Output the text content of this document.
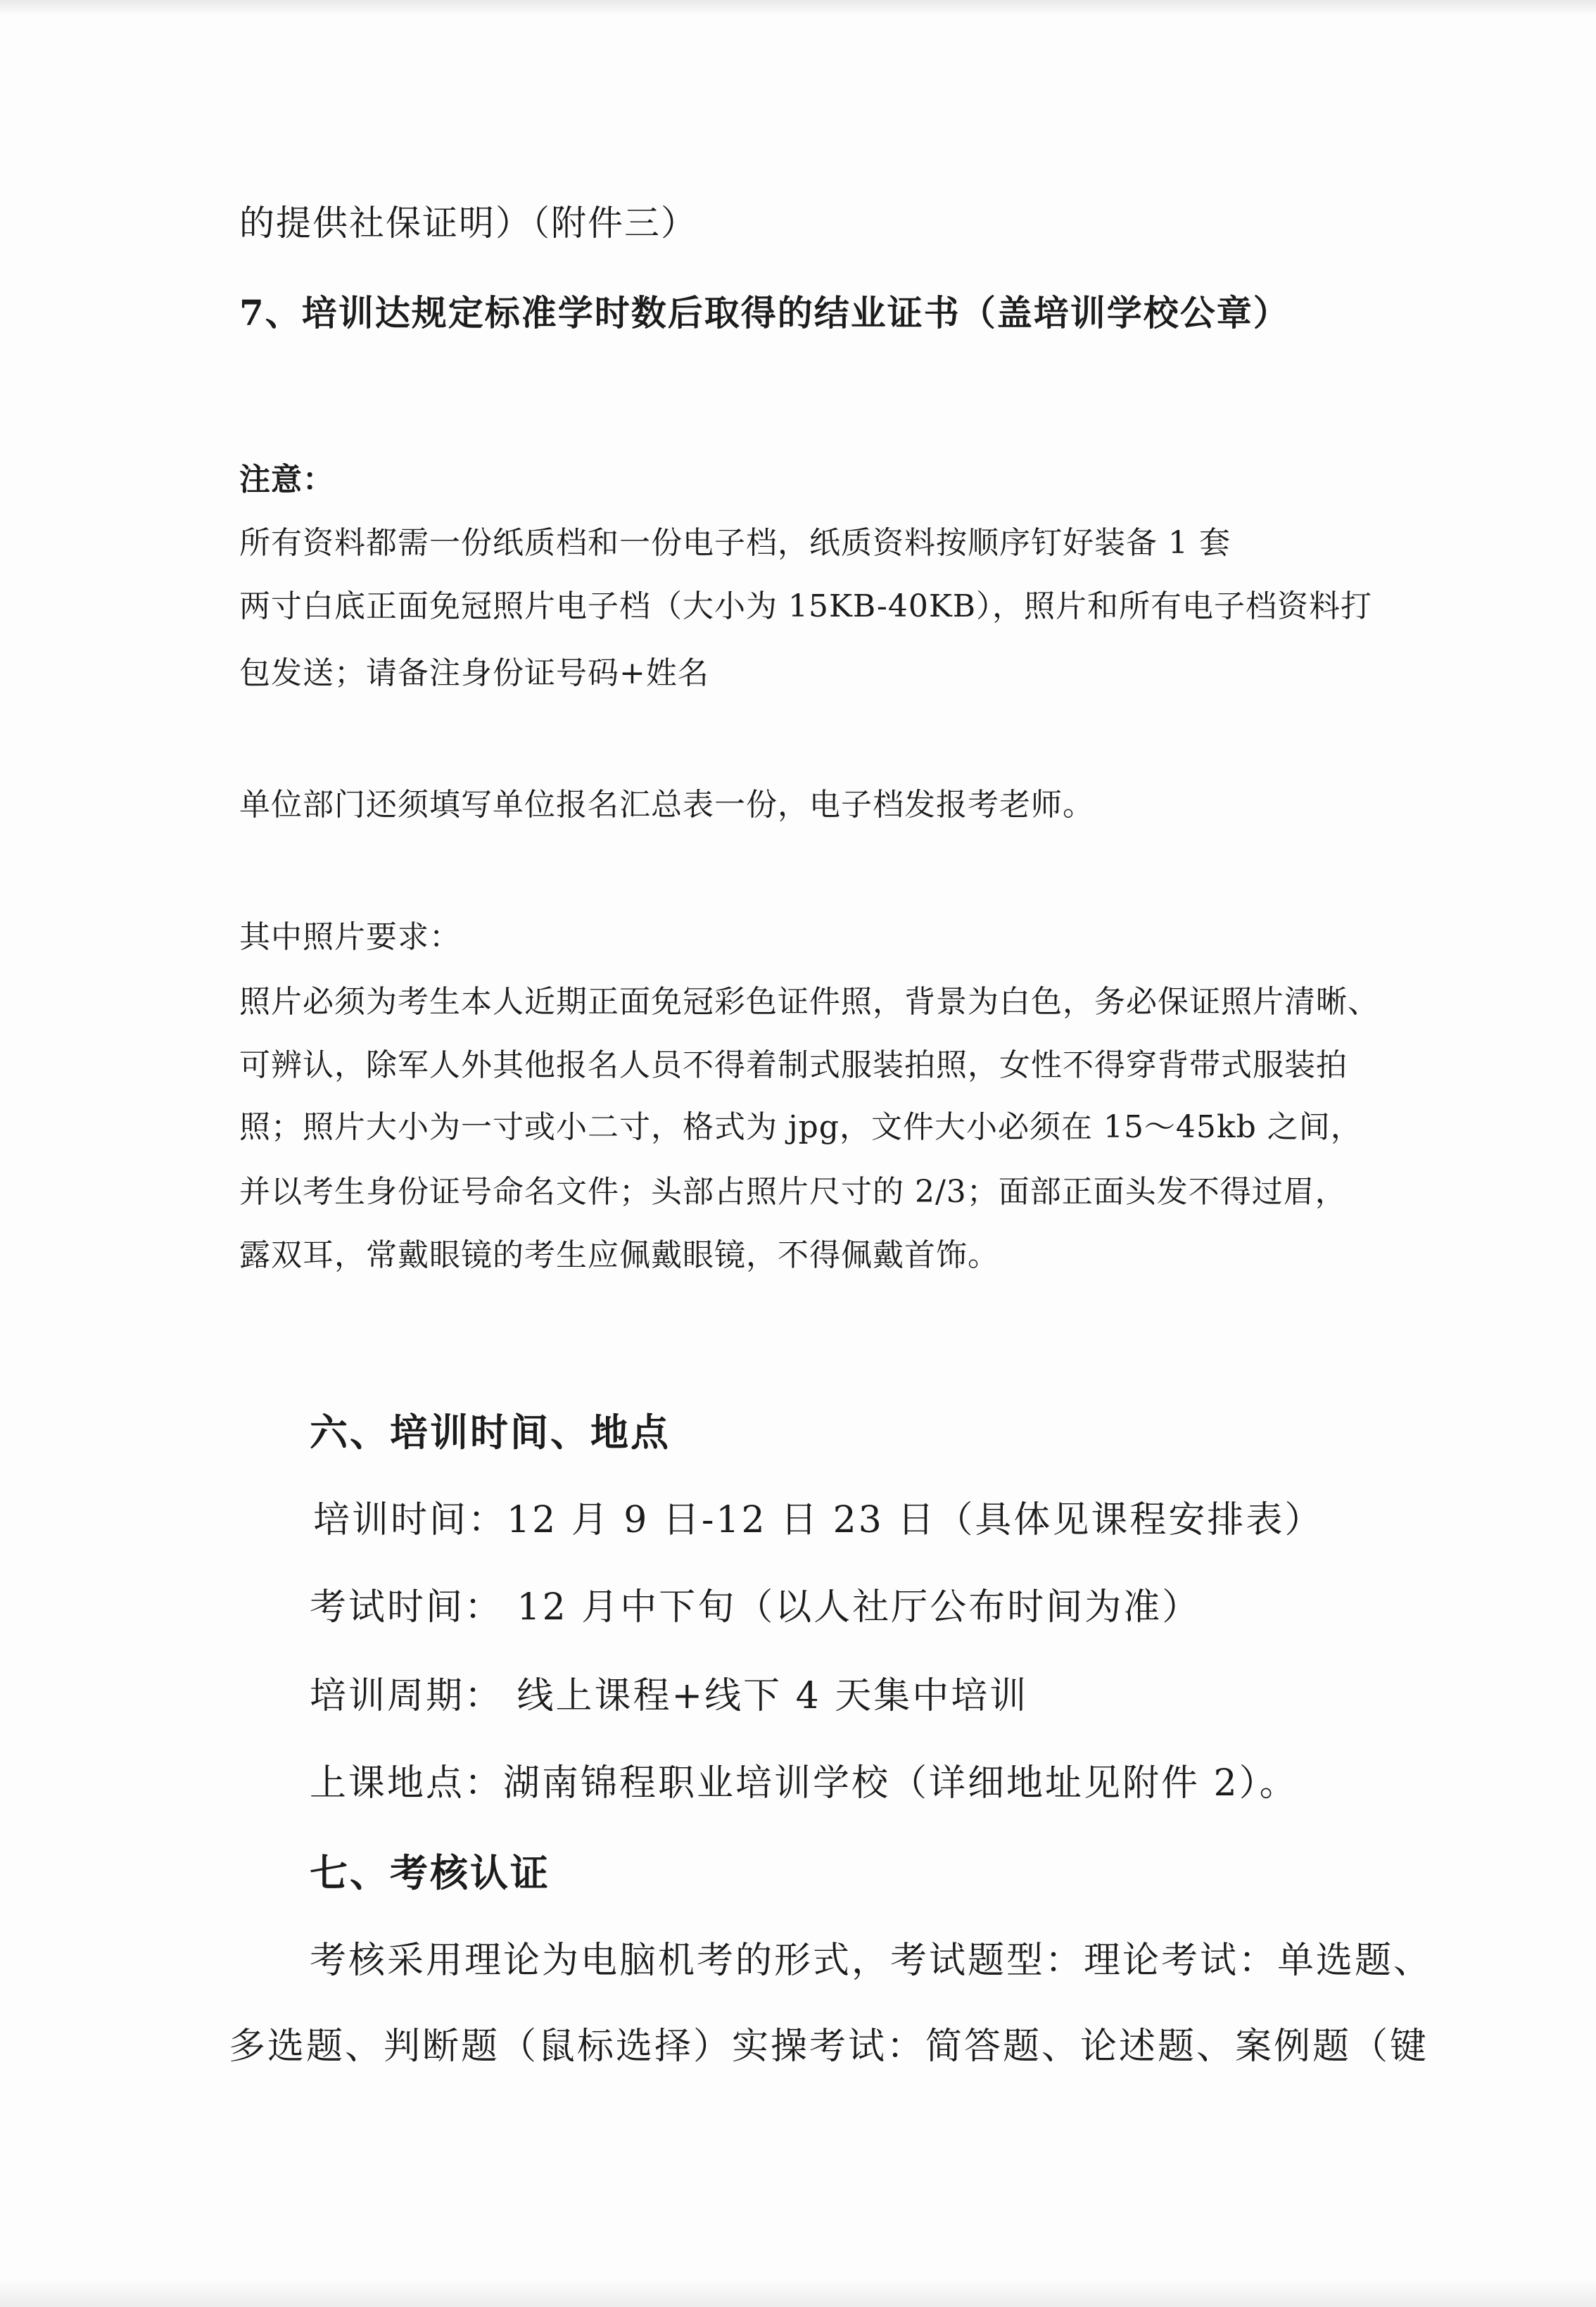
的提供社保证明）（附件三）
7、培训达规定标准学时数后取得的结业证书（盖培训学校公章）
注意：
所有资料都需一份纸质档和一份电子档，纸质资料按顺序钉好装备 1 套
两寸白底正面免冠照片电子档（大小为 15KB-40KB），照片和所有电子档资料打
包发送；请备注身份证号码+姓名
单位部门还须填写单位报名汇总表一份，电子档发报考老师。
其中照片要求：
照片必须为考生本人近期正面免冠彩色证件照，背景为白色，务必保证照片清晰、
可辨认，除军人外其他报名人员不得着制式服装拍照，女性不得穿背带式服装拍
照；照片大小为一寸或小二寸，格式为 jpg，文件大小必须在 15～45kb 之间，
并以考生身份证号命名文件；头部占照片尺寸的 2/3；面部正面头发不得过眉，
露双耳，常戴眼镜的考生应佩戴眼镜，不得佩戴首饰。
六、培训时间、地点
培训时间：12 月 9 日-12 日 23 日（具体见课程安排表）
考试时间： 12 月中下旬（以人社厅公布时间为准）
培训周期： 线上课程+线下 4 天集中培训
上课地点：湖南锦程职业培训学校（详细地址见附件 2）。
七、考核认证
考核采用理论为电脑机考的形式，考试题型：理论考试：单选题、
多选题、判断题（鼠标选择）实操考试：简答题、论述题、案例题（键
